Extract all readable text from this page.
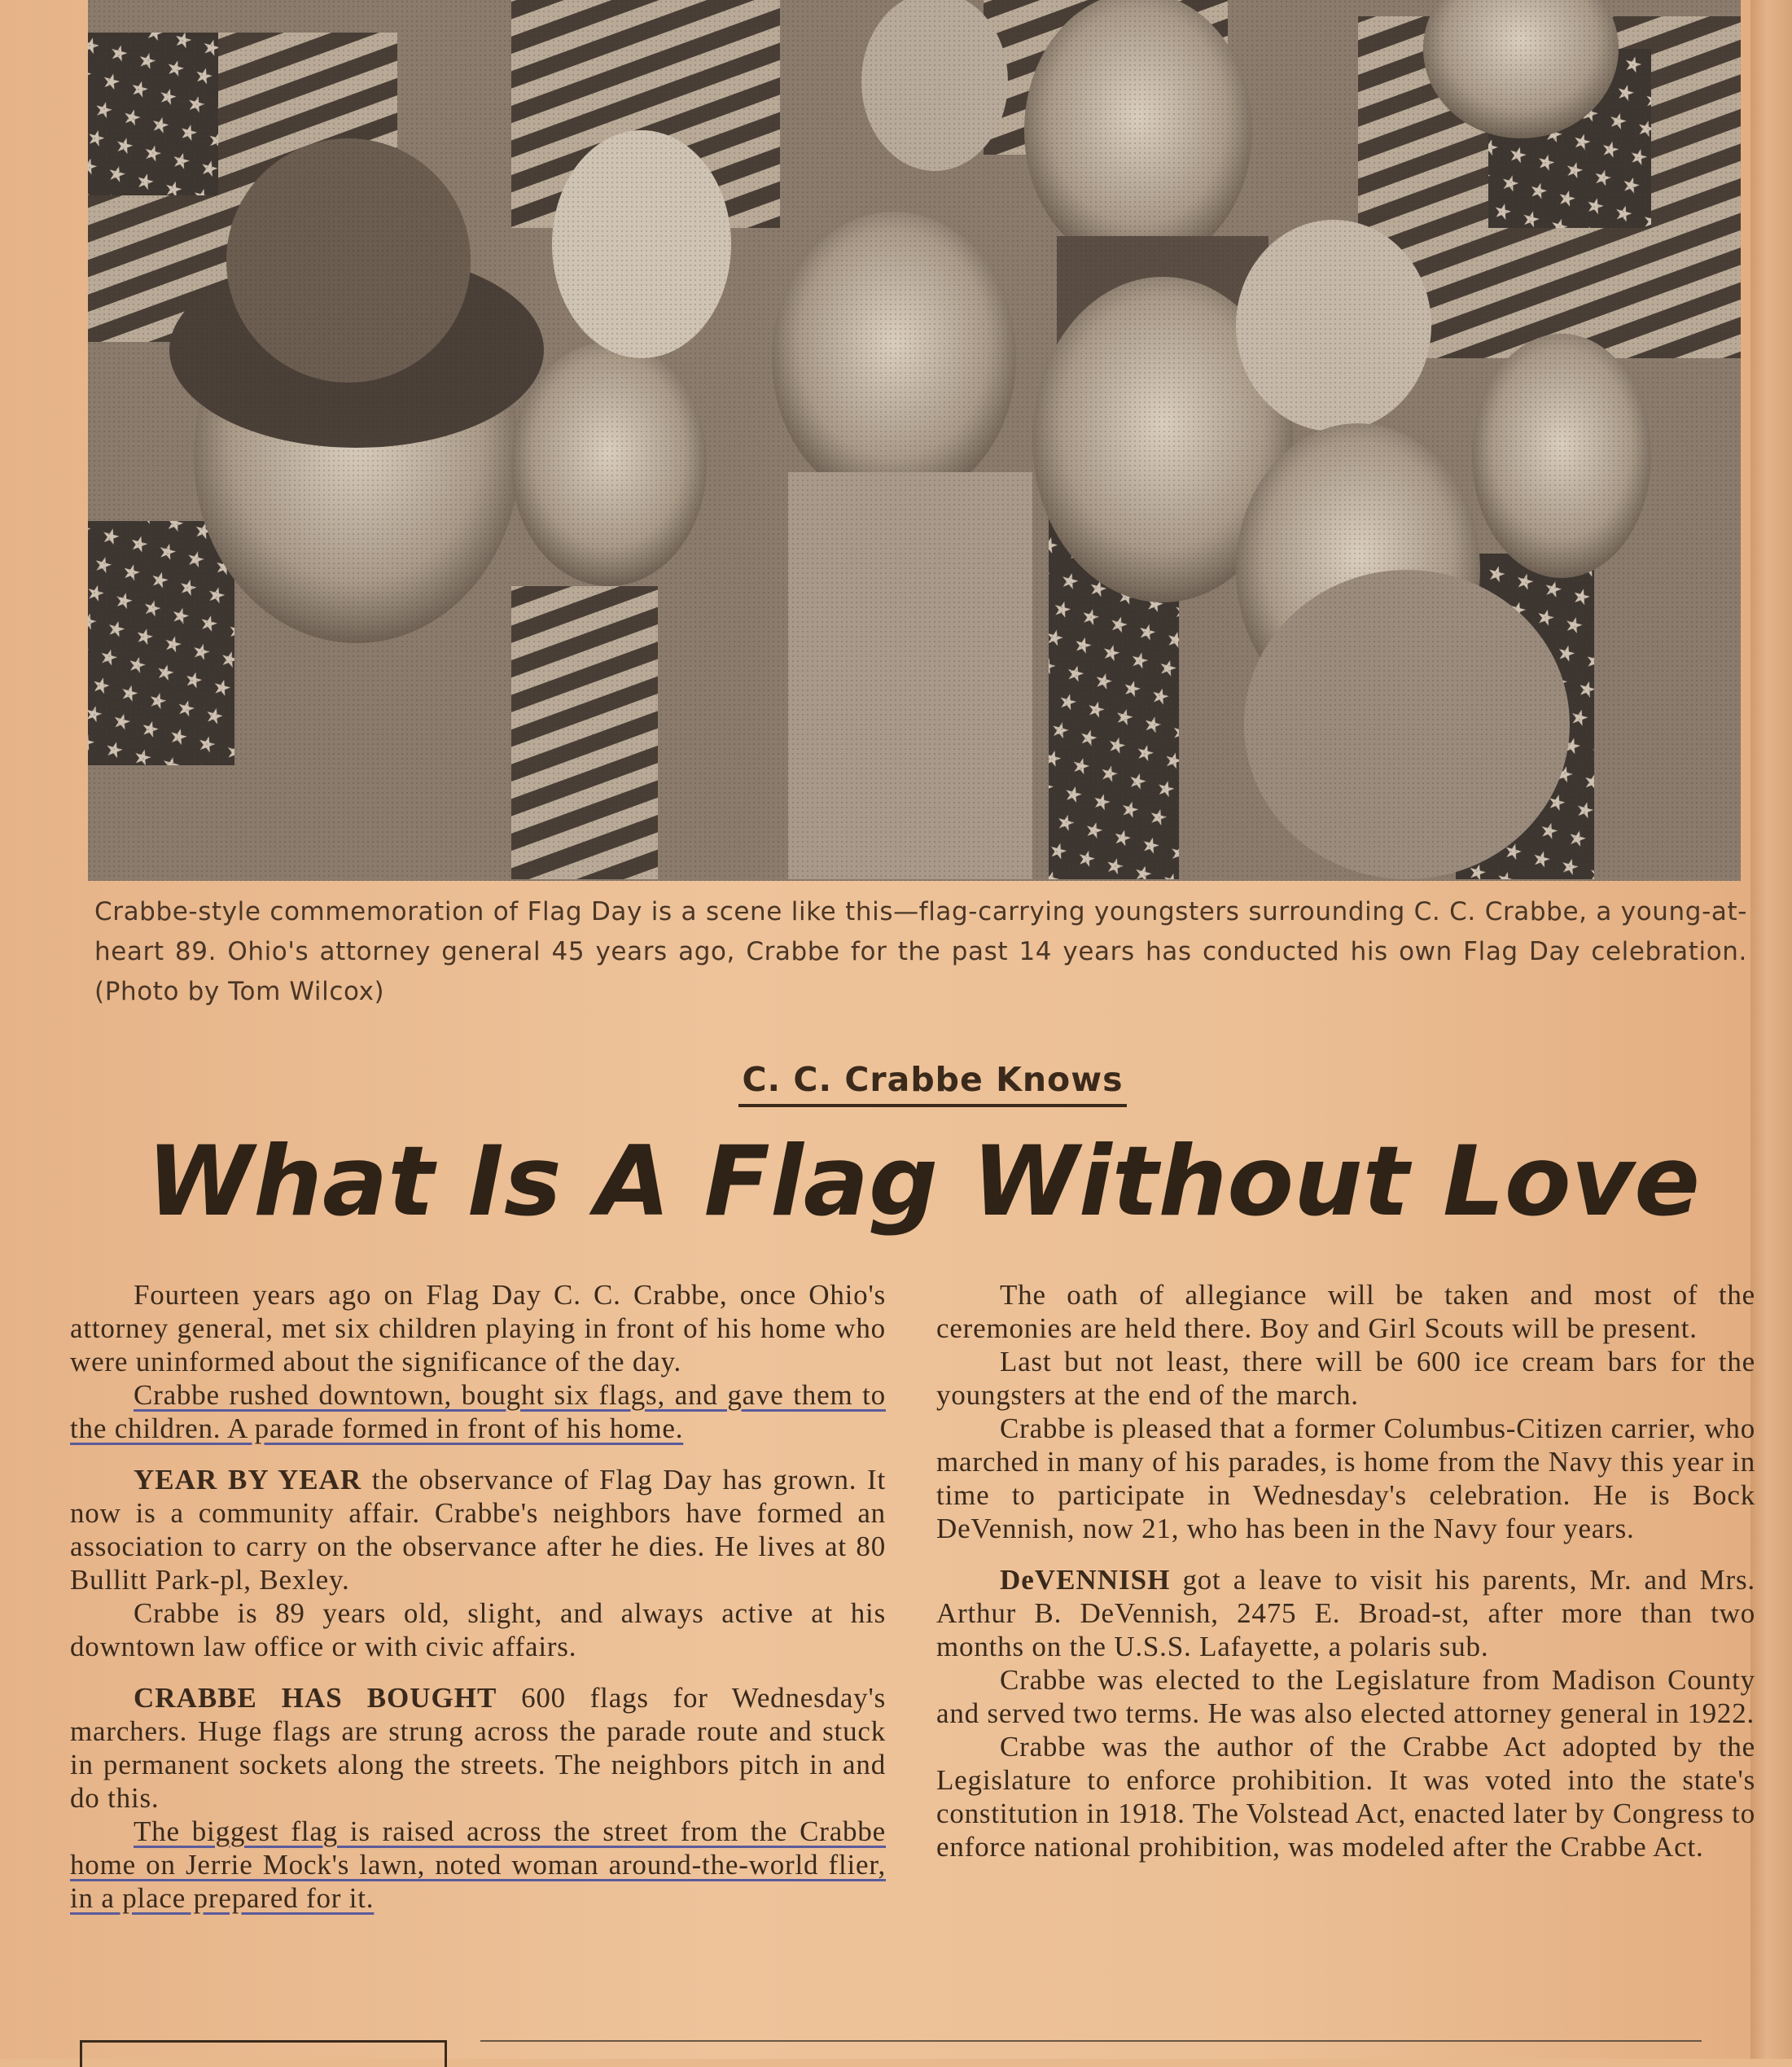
Crabbe-style commemoration of Flag Day is a scene like this—flag-carrying youngsters surrounding C. C. Crabbe, a young-at-heart 89. Ohio's attorney general 45 years ago, Crabbe for the past 14 years has conducted his own Flag Day celebration. (Photo by Tom Wilcox)
C. C. Crabbe Knows
What Is A Flag Without Love

Fourteen years ago on Flag Day C. C. Crabbe, once Ohio's attorney general, met six children playing in front of his home who were uninformed about the significance of the day.

Crabbe rushed downtown, bought six flags, and gave them to the children. A parade formed in front of his home.

YEAR BY YEAR the observance of Flag Day has grown. It now is a community affair. Crabbe's neighbors have formed an association to carry on the observance after he dies. He lives at 80 Bullitt Park-pl, Bexley.

Crabbe is 89 years old, slight, and always active at his downtown law office or with civic affairs.

CRABBE HAS BOUGHT 600 flags for Wednesday's marchers. Huge flags are strung across the parade route and stuck in permanent sockets along the streets. The neighbors pitch in and do this.

The biggest flag is raised across the street from the Crabbe home on Jerrie Mock's lawn, noted woman around-the-world flier, in a place prepared for it.

The oath of allegiance will be taken and most of the ceremonies are held there. Boy and Girl Scouts will be present.

Last but not least, there will be 600 ice cream bars for the youngsters at the end of the march.

Crabbe is pleased that a former Columbus-Citizen carrier, who marched in many of his parades, is home from the Navy this year in time to participate in Wednesday's celebration. He is Bock DeVennish, now 21, who has been in the Navy four years.

DeVENNISH got a leave to visit his parents, Mr. and Mrs. Arthur B. DeVennish, 2475 E. Broad-st, after more than two months on the U.S.S. Lafayette, a polaris sub.

Crabbe was elected to the Legislature from Madison County and served two terms. He was also elected attorney general in 1922.

Crabbe was the author of the Crabbe Act adopted by the Legislature to enforce prohibition. It was voted into the state's constitution in 1918. The Volstead Act, enacted later by Congress to enforce national prohibition, was modeled after the Crabbe Act.
